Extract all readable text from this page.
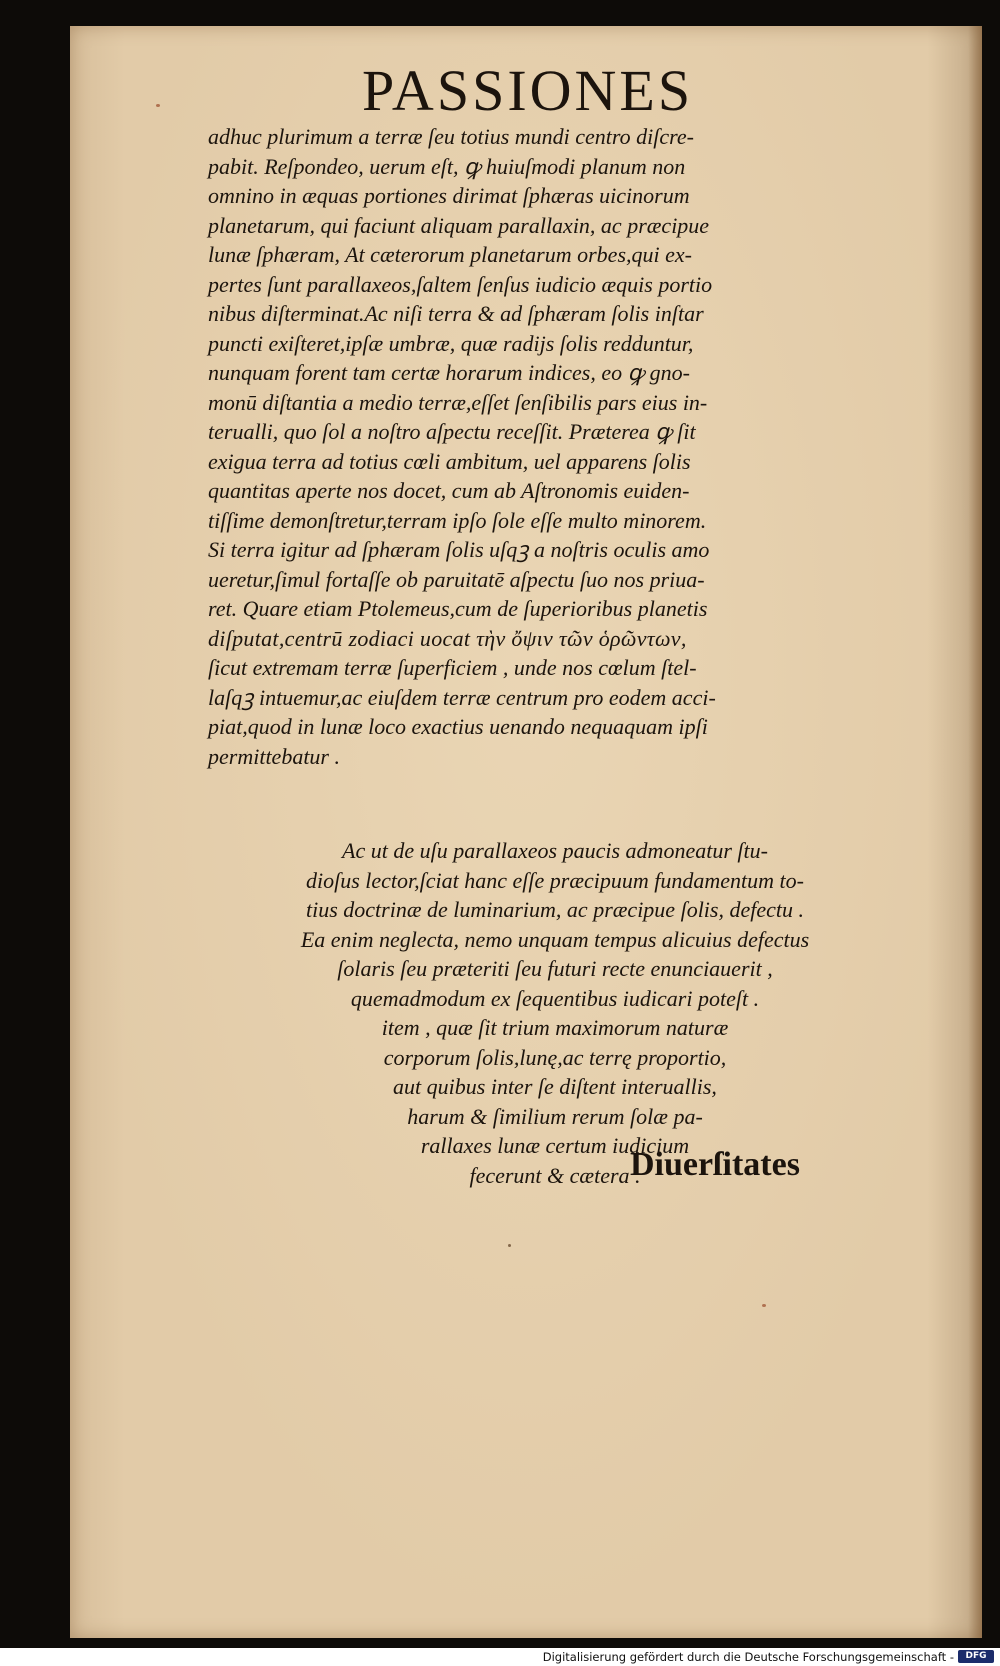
PASSIONES
adhuc plurimum a terræ ſeu totius mundi centro diſcre-
pabit. Reſpondeo, uerum eſt, ꝙ huiuſmodi planum non
omnino in æquas portiones dirimat ſphæras uicinorum
planetarum, qui faciunt aliquam parallaxin, ac præcipue
lunæ ſphæram, At cæterorum planetarum orbes,qui ex-
pertes ſunt parallaxeos,ſaltem ſenſus iudicio æquis portio
nibus diſterminat.Ac niſi terra & ad ſphæram ſolis inſtar
puncti exiſteret,ipſæ umbræ, quæ radijs ſolis redduntur,
nunquam forent tam certæ horarum indices, eo ꝙ gno-
monū diſtantia a medio terræ,eſſet ſenſibilis pars eius in-
terualli, quo ſol a noſtro aſpectu receſſit. Præterea ꝙ ſit
exigua terra ad totius cœli ambitum, uel apparens ſolis
quantitas aperte nos docet, cum ab Aſtronomis euiden-
tiſſime demonſtretur,terram ipſo ſole eſſe multo minorem.
Si terra igitur ad ſphæram ſolis uſqꝫ a noſtris oculis amo
ueretur,ſimul fortaſſe ob paruitatē aſpectu ſuo nos priua-
ret. Quare etiam Ptolemeus,cum de ſuperioribus planetis
diſputat,centrū zodiaci uocat τὴν ὄψιν τῶν ὁρῶντων,
ſicut extremam terræ ſuperficiem , unde nos cœlum ſtel-
laſqꝫ intuemur,ac eiuſdem terræ centrum pro eodem acci-
piat,quod in lunæ loco exactius uenando nequaquam ipſi
permittebatur .
Ac ut de uſu parallaxeos paucis admoneatur ſtu-
dioſus lector,ſciat hanc eſſe præcipuum fundamentum to-
tius doctrinæ de luminarium, ac præcipue ſolis, defectu .
Ea enim neglecta, nemo unquam tempus alicuius defectus
ſolaris ſeu præteriti ſeu futuri recte enunciauerit ,
quemadmodum ex ſequentibus iudicari poteſt .
item , quæ ſit trium maximorum naturæ
corporum ſolis,lunę,ac terrę proportio,
aut quibus inter ſe diſtent interuallis,
harum & ſimilium rerum ſolæ pa-
rallaxes lunæ certum iudicium
fecerunt & cætera .
Diuerſitates
Digitalisierung gefördert durch die Deutsche Forschungsgemeinschaft -	DFG
